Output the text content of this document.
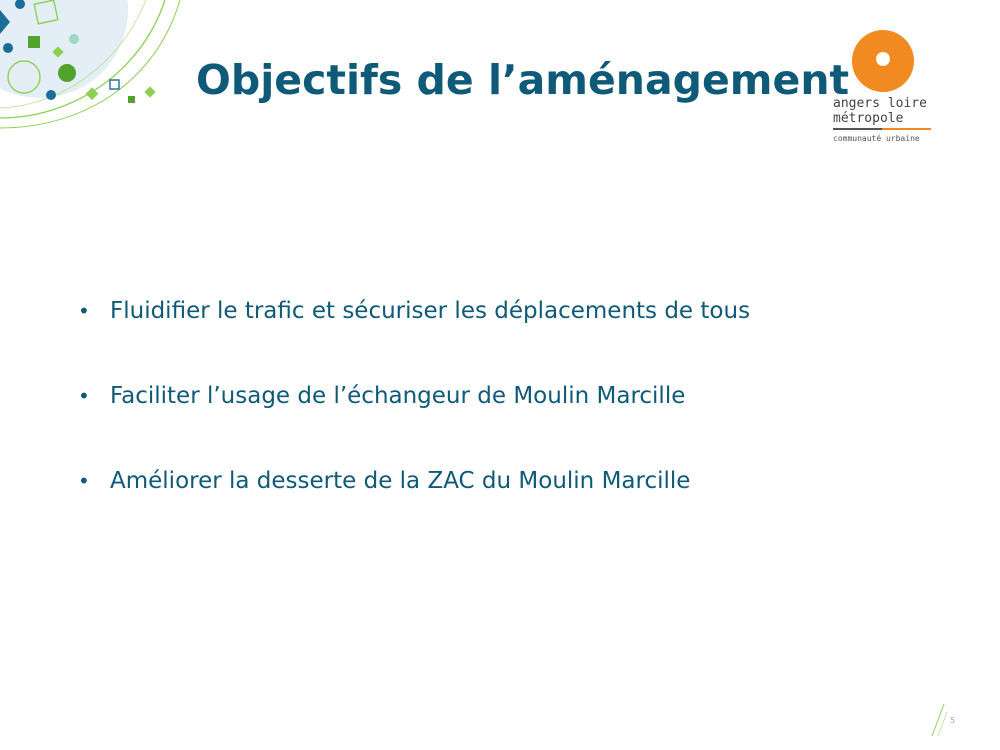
Objectifs de l’aménagement
angers loire
métropole
communauté urbaine
• Fluidifier le trafic et sécuriser les déplacements de tous
• Faciliter l’usage de l’échangeur de Moulin Marcille
• Améliorer la desserte de la ZAC du Moulin Marcille
5
